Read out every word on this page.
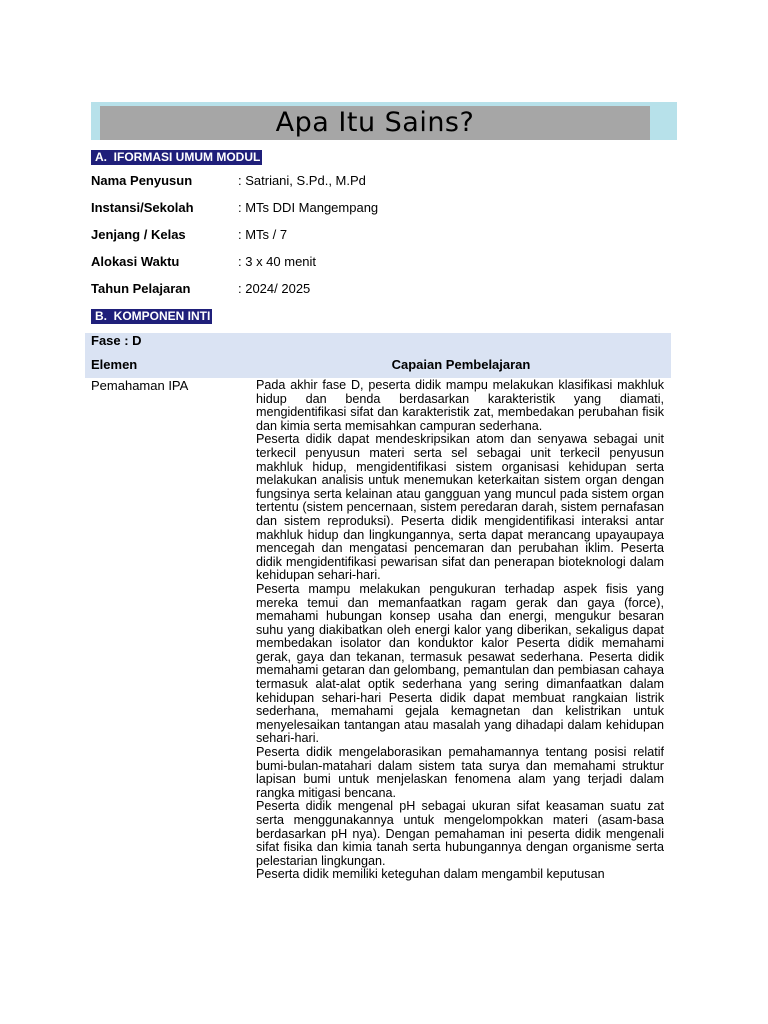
Apa Itu Sains?
A.  IFORMASI UMUM MODUL
Nama Penyusun	: Satriani, S.Pd., M.Pd
Instansi/Sekolah	: MTs DDI Mangempang
Jenjang / Kelas	: MTs / 7
Alokasi Waktu	: 3 x 40 menit
Tahun Pelajaran	: 2024/ 2025
B.  KOMPONEN INTI
Fase : D
Elemen	Capaian Pembelajaran
Pemahaman IPA	Pada akhir fase D, peserta didik mampu melakukan klasifikasi makhluk hidup dan benda berdasarkan karakteristik yang diamati, mengidentifikasi sifat dan karakteristik zat, membedakan perubahan fisik dan kimia serta memisahkan campuran sederhana.

Peserta didik dapat mendeskripsikan atom dan senyawa sebagai unit terkecil penyusun materi serta sel sebagai unit terkecil penyusun makhluk hidup, mengidentifikasi sistem organisasi kehidupan serta melakukan analisis untuk menemukan keterkaitan sistem organ dengan fungsinya serta kelainan atau gangguan yang muncul pada sistem organ tertentu (sistem pencernaan, sistem peredaran darah, sistem pernafasan dan sistem reproduksi). Peserta didik mengidentifikasi interaksi antar makhluk hidup dan lingkungannya, serta dapat merancang upayaupaya mencegah dan mengatasi pencemaran dan perubahan iklim. Peserta didik mengidentifikasi pewarisan sifat dan penerapan bioteknologi dalam kehidupan sehari-hari.

Peserta mampu melakukan pengukuran terhadap aspek fisis yang mereka temui dan memanfaatkan ragam gerak dan gaya (force), memahami hubungan konsep usaha dan energi, mengukur besaran suhu yang diakibatkan oleh energi kalor yang diberikan, sekaligus dapat membedakan isolator dan konduktor kalor Peserta didik memahami gerak, gaya dan tekanan, termasuk pesawat sederhana. Peserta didik memahami getaran dan gelombang, pemantulan dan pembiasan cahaya termasuk alat-alat optik sederhana yang sering dimanfaatkan dalam kehidupan sehari-hari Peserta didik dapat membuat rangkaian listrik sederhana, memahami gejala kemagnetan dan kelistrikan untuk menyelesaikan tantangan atau masalah yang dihadapi dalam kehidupan sehari-hari.

Peserta didik mengelaborasikan pemahamannya tentang posisi relatif bumi-bulan-matahari dalam sistem tata surya dan memahami struktur lapisan bumi untuk menjelaskan fenomena alam yang terjadi dalam rangka mitigasi bencana.

Peserta didik mengenal pH sebagai ukuran sifat keasaman suatu zat serta menggunakannya untuk mengelompokkan materi (asam-basa berdasarkan pH nya). Dengan pemahaman ini peserta didik mengenali sifat fisika dan kimia tanah serta hubungannya dengan organisme serta pelestarian lingkungan.

Peserta didik memiliki keteguhan dalam mengambil keputusan
